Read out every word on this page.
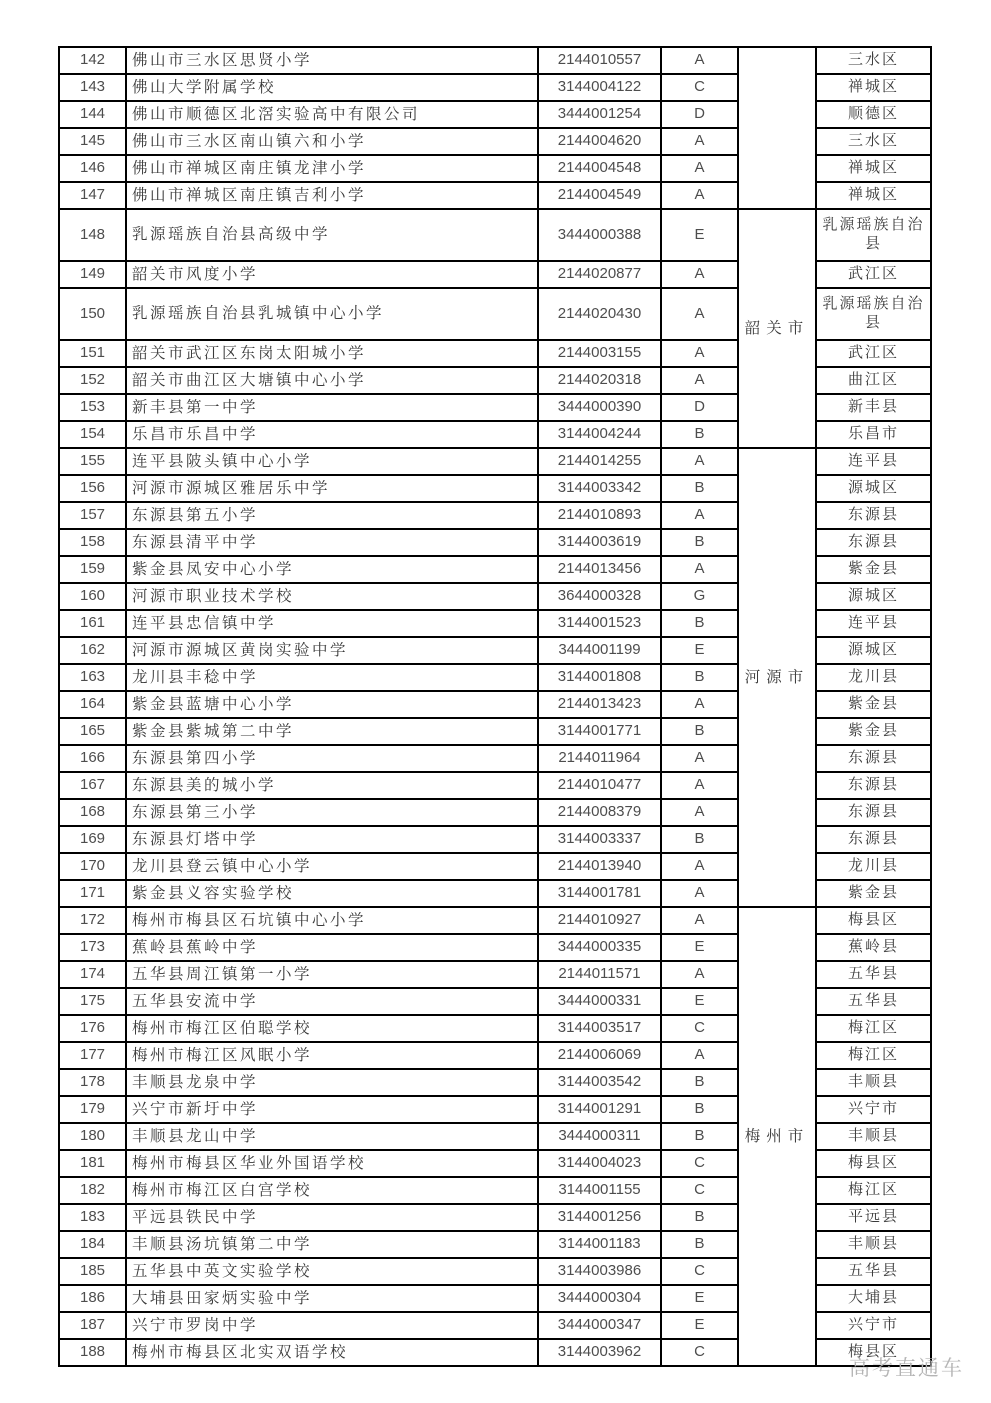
142	佛山市三水区思贤小学	2144010557	A		三水区
143	佛山大学附属学校	3144004122	C		禅城区
144	佛山市顺德区北滘实验高中有限公司	3444001254	D		顺德区
145	佛山市三水区南山镇六和小学	2144004620	A		三水区
146	佛山市禅城区南庄镇龙津小学	2144004548	A		禅城区
147	佛山市禅城区南庄镇吉利小学	2144004549	A		禅城区
148	乳源瑶族自治县高级中学	3444000388	E	韶关市	乳源瑶族自治县
149	韶关市风度小学	2144020877	A		武江区
150	乳源瑶族自治县乳城镇中心小学	2144020430	A		乳源瑶族自治县
151	韶关市武江区东岗太阳城小学	2144003155	A		武江区
152	韶关市曲江区大塘镇中心小学	2144020318	A		曲江区
153	新丰县第一中学	3444000390	D		新丰县
154	乐昌市乐昌中学	3144004244	B		乐昌市
155	连平县陂头镇中心小学	2144014255	A	河源市	连平县
156	河源市源城区雅居乐中学	3144003342	B		源城区
157	东源县第五小学	2144010893	A		东源县
158	东源县清平中学	3144003619	B		东源县
159	紫金县凤安中心小学	2144013456	A		紫金县
160	河源市职业技术学校	3644000328	G		源城区
161	连平县忠信镇中学	3144001523	B		连平县
162	河源市源城区黄岗实验中学	3444001199	E		源城区
163	龙川县丰稔中学	3144001808	B		龙川县
164	紫金县蓝塘中心小学	2144013423	A		紫金县
165	紫金县紫城第二中学	3144001771	B		紫金县
166	东源县第四小学	2144011964	A		东源县
167	东源县美的城小学	2144010477	A		东源县
168	东源县第三小学	2144008379	A		东源县
169	东源县灯塔中学	3144003337	B		东源县
170	龙川县登云镇中心小学	2144013940	A		龙川县
171	紫金县义容实验学校	3144001781	A		紫金县
172	梅州市梅县区石坑镇中心小学	2144010927	A	梅州市	梅县区
173	蕉岭县蕉岭中学	3444000335	E		蕉岭县
174	五华县周江镇第一小学	2144011571	A		五华县
175	五华县安流中学	3444000331	E		五华县
176	梅州市梅江区伯聪学校	3144003517	C		梅江区
177	梅州市梅江区风眠小学	2144006069	A		梅江区
178	丰顺县龙泉中学	3144003542	B		丰顺县
179	兴宁市新圩中学	3144001291	B		兴宁市
180	丰顺县龙山中学	3444000311	B		丰顺县
181	梅州市梅县区华业外国语学校	3144004023	C		梅县区
182	梅州市梅江区白宫学校	3144001155	C		梅江区
183	平远县铁民中学	3144001256	B		平远县
184	丰顺县汤坑镇第二中学	3144001183	B		丰顺县
185	五华县中英文实验学校	3144003986	C		五华县
186	大埔县田家炳实验中学	3444000304	E		大埔县
187	兴宁市罗岗中学	3444000347	E		兴宁市
188	梅州市梅县区北实双语学校	3144003962	C		梅县区
高考直通车
